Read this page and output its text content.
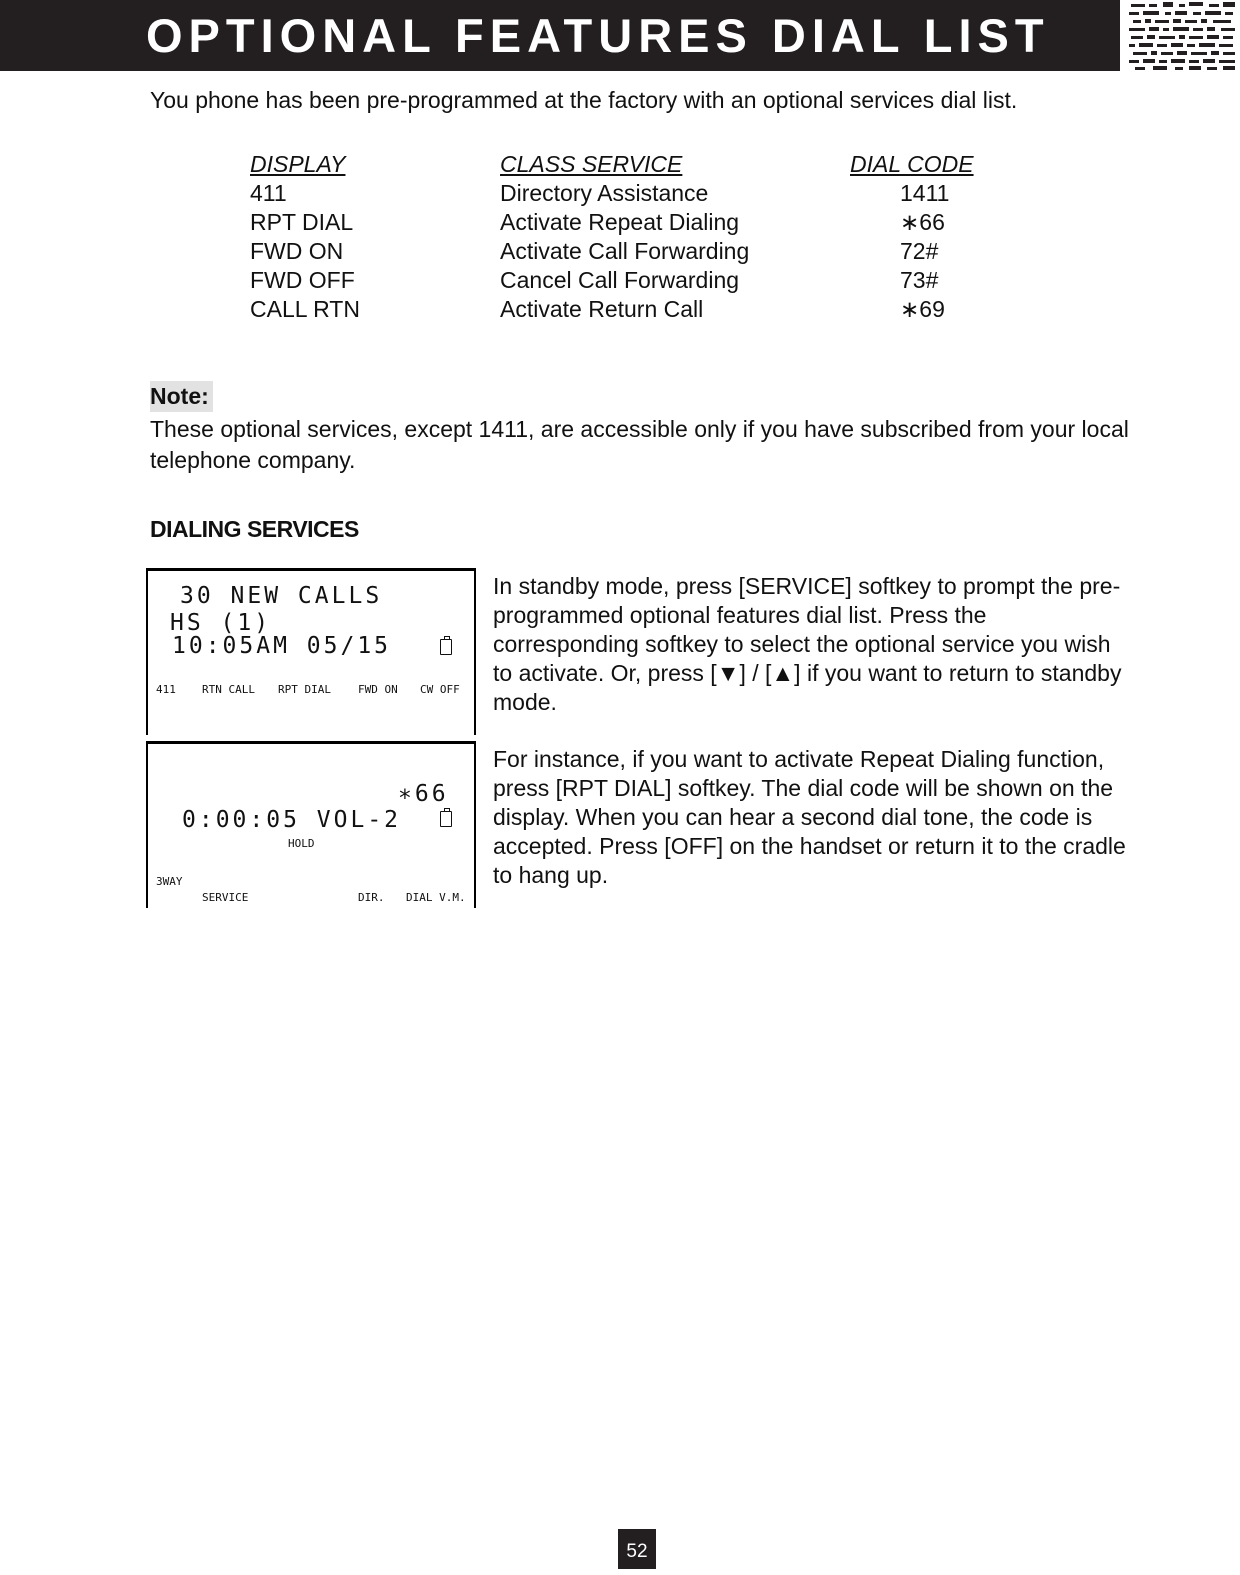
OPTIONAL FEATURES DIAL LIST
You phone has been pre-programmed at the factory with an optional services dial list.
DISPLAY
411
RPT DIAL
FWD ON
FWD OFF
CALL RTN
CLASS SERVICE
Directory Assistance
Activate Repeat Dialing
Activate Call Forwarding
Cancel Call Forwarding
Activate Return Call
DIAL CODE
1411
∗66
72#
73#
∗69
Note:
These optional services, except 1411, are accessible only if you have subscribed from your local telephone company.
DIALING SERVICES
30 NEW CALLS
HS (1)
10:05AM 05/15
411 RTN CALL RPT DIAL FWD ON CW OFF
∗66
0:00:05 VOL-2
HOLD
3WAY
SERVICE	DIR. DIAL V.M.
In standby mode, press [SERVICE] softkey to prompt the pre-programmed optional features dial list. Press the corresponding softkey to select the optional service you wish to activate. Or, press [▼] / [▲] if you want to return to standby mode.
For instance, if you want to activate Repeat Dialing function, press [RPT DIAL] softkey. The dial code will be shown on the display. When you can hear a second dial tone, the code is accepted. Press [OFF] on the handset or return it to the cradle to hang up.
52
